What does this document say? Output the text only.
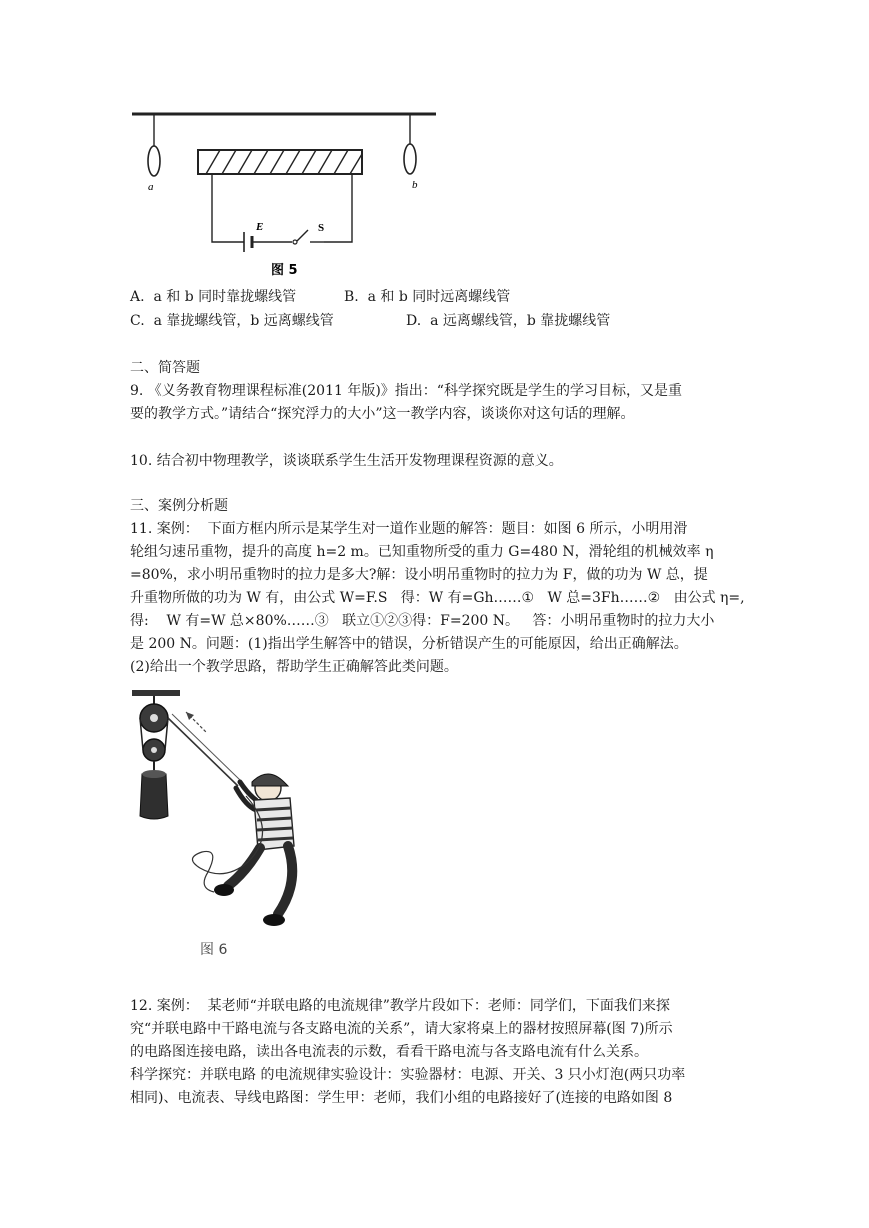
a	b
E	S
图 5
A.  a 和 b 同时靠拢螺线管	B.  a 和 b 同时远离螺线管
C.  a 靠拢螺线管，b 远离螺线管	D.  a 远离螺线管，b 靠拢螺线管
二、简答题
9. 《义务教育物理课程标准(2011 年版)》指出：“科学探究既是学生的学习目标，又是重
要的教学方式。”请结合“探究浮力的大小”这一教学内容，谈谈你对这句话的理解。
10. 结合初中物理教学，谈谈联系学生生活开发物理课程资源的意义。
三、案例分析题
11. 案例：  下面方框内所示是某学生对一道作业题的解答：题目：如图 6 所示，小明用滑
轮组匀速吊重物，提升的高度 h=2 m。已知重物所受的重力 G=480 N，滑轮组的机械效率 η
=80%，求小明吊重物时的拉力是多大?解：设小明吊重物时的拉力为 F，做的功为 W 总，提
升重物所做的功为 W 有，由公式 W=F.S   得：W 有=Gh……①   W 总=3Fh……②   由公式 η=,
得:    W 有=W 总×80%……③   联立①②③得：F=200 N。   答：小明吊重物时的拉力大小
是 200 N。问题：(1)指出学生解答中的错误，分析错误产生的可能原因，给出正确解法。
(2)给出一个教学思路，帮助学生正确解答此类问题。
图 6
12. 案例：  某老师“并联电路的电流规律”教学片段如下：老师：同学们，下面我们来探
究“并联电路中干路电流与各支路电流的关系”，请大家将桌上的器材按照屏幕(图 7)所示
的电路图连接电路，读出各电流表的示数，看看干路电流与各支路电流有什么关系。
科学探究：并联电路 的电流规律实验设计：实验器材：电源、开关、3 只小灯泡(两只功率
相同)、电流表、导线电路图：学生甲：老师，我们小组的电路接好了(连接的电路如图 8
